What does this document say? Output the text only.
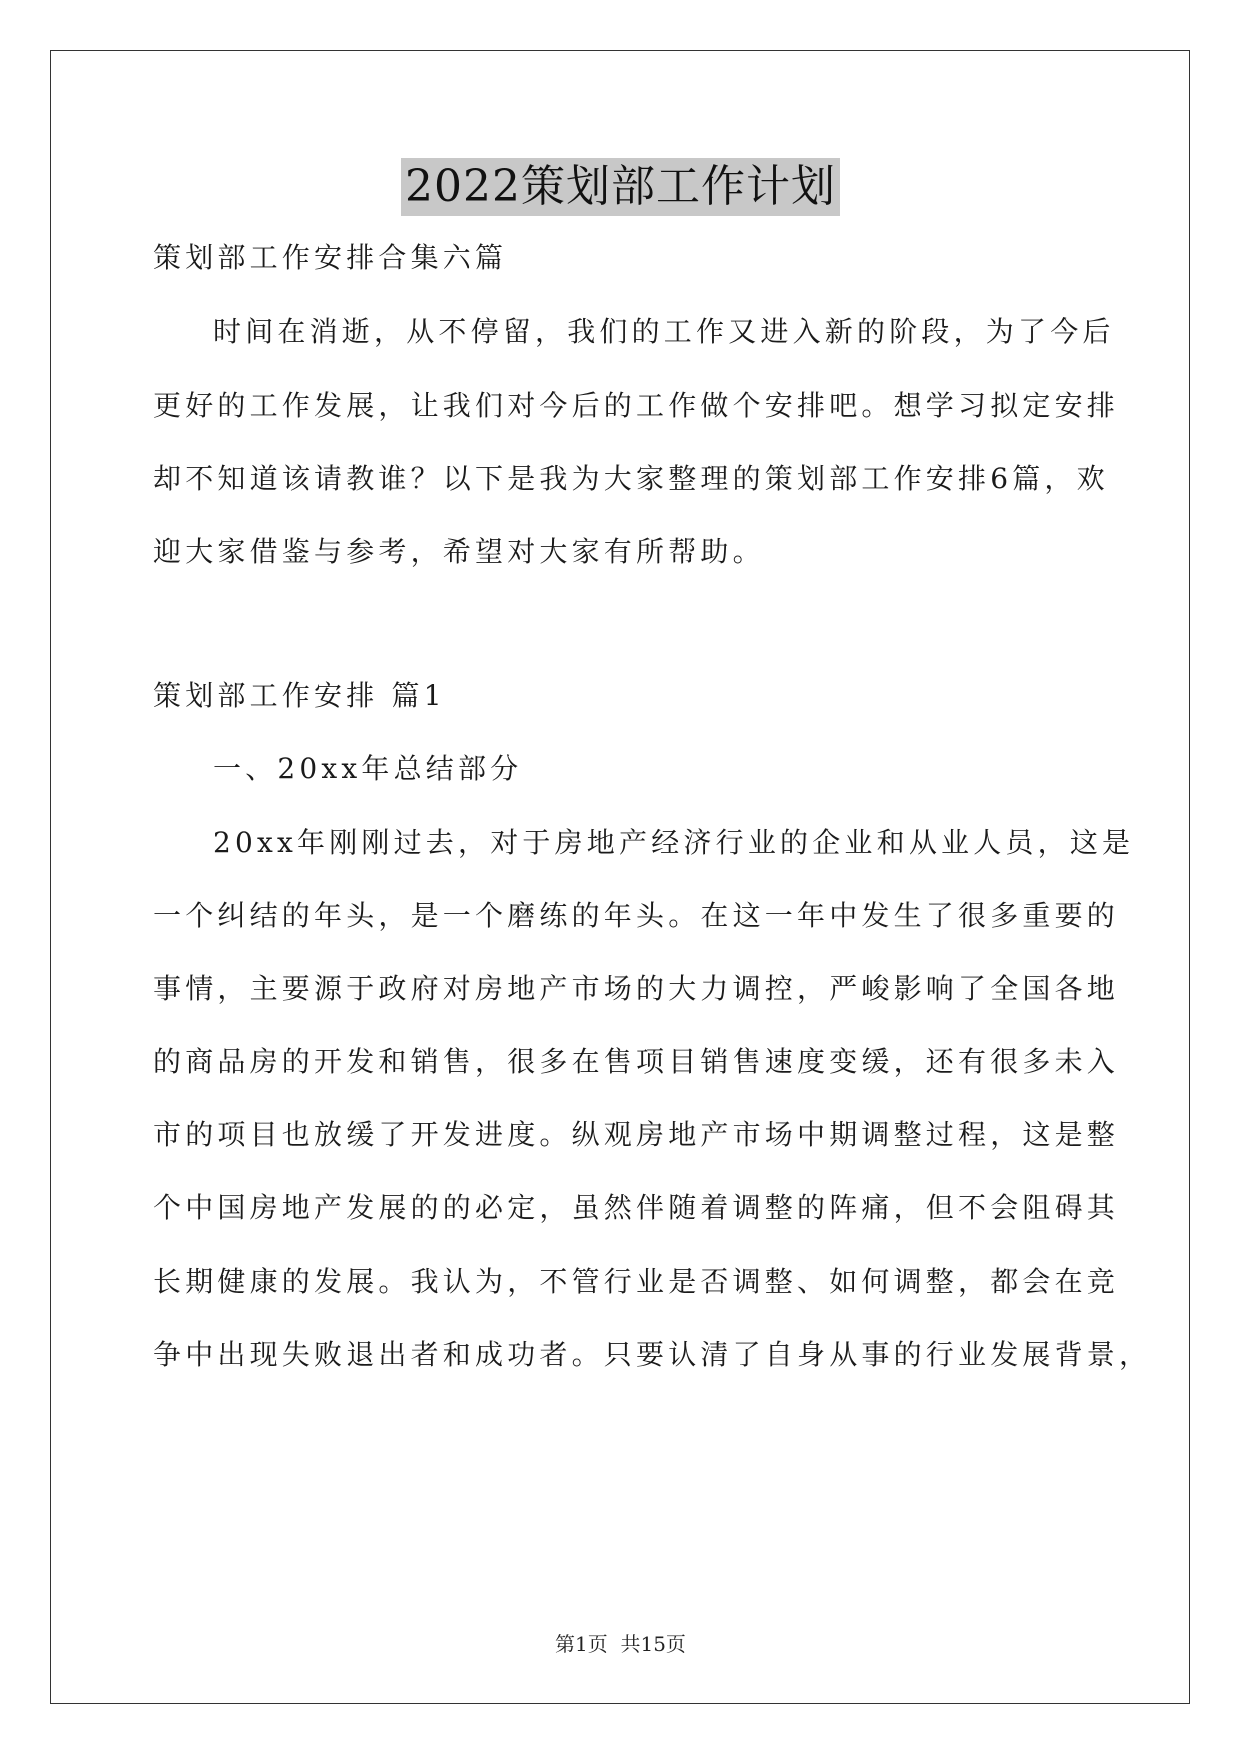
2022策划部工作计划
策划部工作安排合集六篇
时间在消逝，从不停留，我们的工作又进入新的阶段，为了今后
更好的工作发展，让我们对今后的工作做个安排吧。想学习拟定安排
却不知道该请教谁？以下是我为大家整理的策划部工作安排6篇，欢
迎大家借鉴与参考，希望对大家有所帮助。
策划部工作安排 篇1
一、20xx年总结部分
20xx年刚刚过去，对于房地产经济行业的企业和从业人员，这是
一个纠结的年头，是一个磨练的年头。在这一年中发生了很多重要的
事情，主要源于政府对房地产市场的大力调控，严峻影响了全国各地
的商品房的开发和销售，很多在售项目销售速度变缓，还有很多未入
市的项目也放缓了开发进度。纵观房地产市场中期调整过程，这是整
个中国房地产发展的的必定，虽然伴随着调整的阵痛，但不会阻碍其
长期健康的发展。我认为，不管行业是否调整、如何调整，都会在竞
争中出现失败退出者和成功者。只要认清了自身从事的行业发展背景，
第1页  共15页
